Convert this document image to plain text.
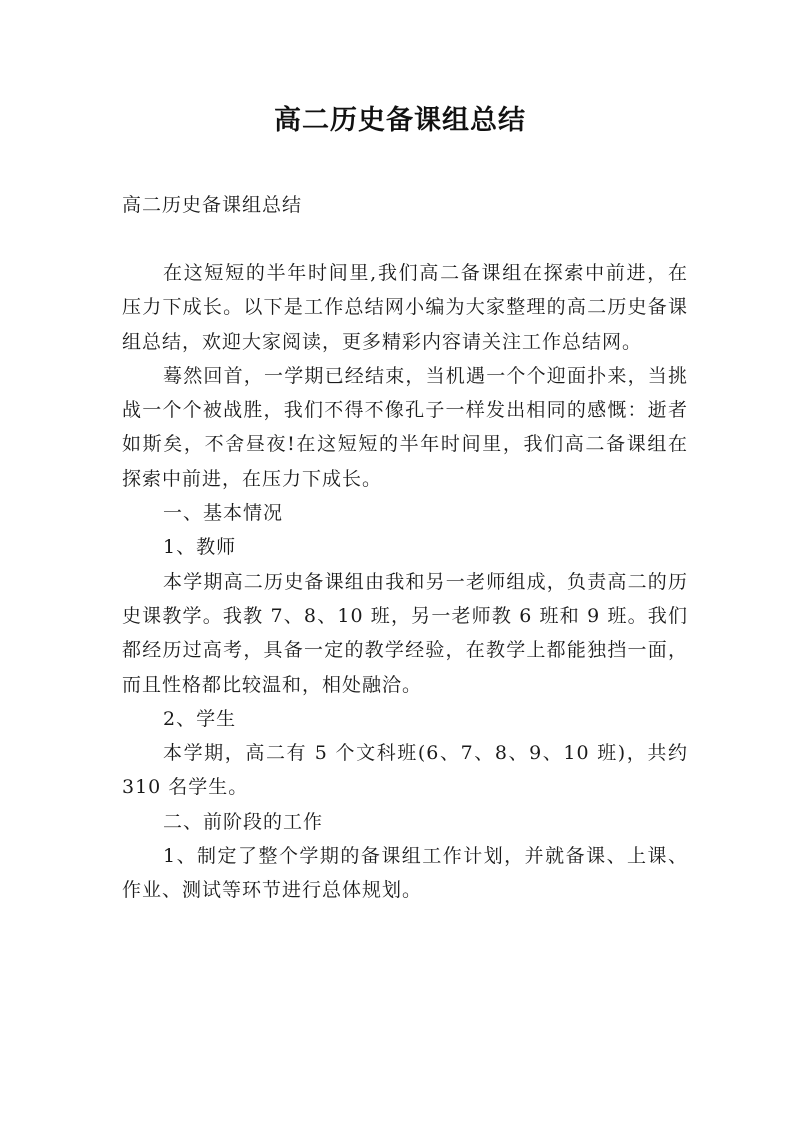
高二历史备课组总结

高二历史备课组总结

在这短短的半年时间里,我们高二备课组在探索中前进，在压力下成长。以下是工作总结网小编为大家整理的高二历史备课组总结，欢迎大家阅读，更多精彩内容请关注工作总结网。

蓦然回首，一学期已经结束，当机遇一个个迎面扑来，当挑战一个个被战胜，我们不得不像孔子一样发出相同的感慨：逝者如斯矣，不舍昼夜!在这短短的半年时间里，我们高二备课组在探索中前进，在压力下成长。

一、基本情况

1、教师

本学期高二历史备课组由我和另一老师组成，负责高二的历史课教学。我教 7、8、10 班，另一老师教 6 班和 9 班。我们都经历过高考，具备一定的教学经验，在教学上都能独挡一面，而且性格都比较温和，相处融洽。

2、学生

本学期，高二有 5 个文科班(6、7、8、9、10 班)，共约 310 名学生。

二、前阶段的工作

1、制定了整个学期的备课组工作计划，并就备课、上课、作业、测试等环节进行总体规划。
